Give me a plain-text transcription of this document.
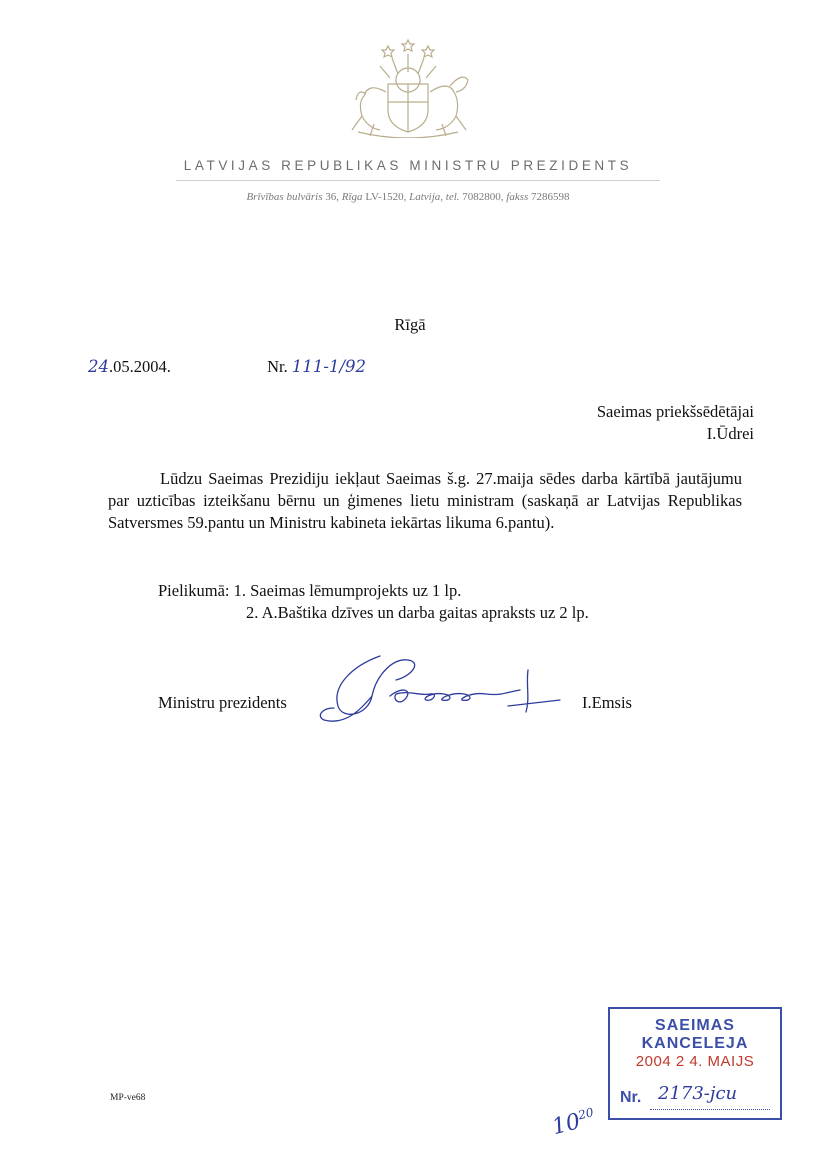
LATVIJAS REPUBLIKAS MINISTRU PREZIDENTS
Brīvības bulvāris 36, Rīga LV-1520, Latvija, tel. 7082800, fakss 7286598
Rīgā
24.05.2004.	Nr. 111-1/92
Saeimas priekšsēdētājai
I.Ūdrei
Lūdzu Saeimas Prezidiju iekļaut Saeimas š.g. 27.maija sēdes darba kārtībā jautājumu par uzticības izteikšanu bērnu un ģimenes lietu ministram (saskaņā ar Latvijas Republikas Satversmes 59.pantu un Ministru kabineta iekārtas likuma 6.pantu).
Pielikumā: 1. Saeimas lēmumprojekts uz 1 lp.
2. A.Baštika dzīves un darba gaitas apraksts uz 2 lp.
Ministru prezidents	I.Emsis
MP-ve68
SAEIMAS KANCELEJA
2004 2 4. MAIJS
Nr. 2173-jcu
$10^{20}$
